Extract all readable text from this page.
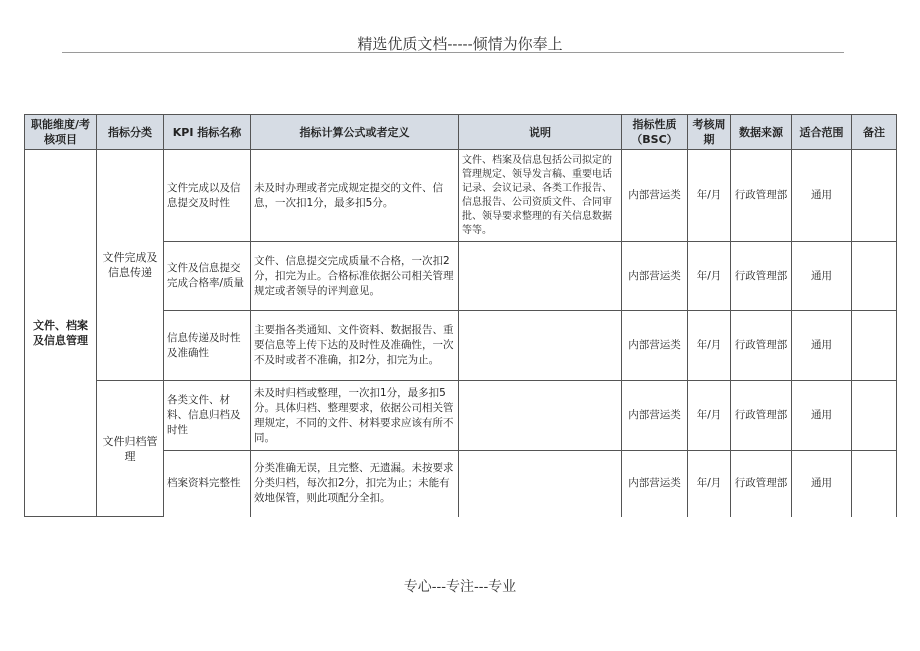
精选优质文档-----倾情为你奉上
职能维度/考核项目	指标分类	KPI 指标名称	指标计算公式或者定义	说明	指标性质（BSC）	考核周期	数据来源	适合范围	备注
文件、档案及信息管理	文件完成及信息传递	文件完成以及信息提交及时性	未及时办理或者完成规定提交的文件、信息，一次扣1分，最多扣5分。	文件、档案及信息包括公司拟定的管理规定、领导发言稿、重要电话记录、会议记录、各类工作报告、信息报告、公司资质文件、合同审批、领导要求整理的有关信息数据等等。	内部营运类	年/月	行政管理部	通用	
		文件及信息提交完成合格率/质量	文件、信息提交完成质量不合格，一次扣2分，扣完为止。合格标准依据公司相关管理规定或者领导的评判意见。		内部营运类	年/月	行政管理部	通用	
		信息传递及时性及准确性	主要指各类通知、文件资料、数据报告、重要信息等上传下达的及时性及准确性，一次不及时或者不准确，扣2分，扣完为止。		内部营运类	年/月	行政管理部	通用	
	文件归档管理	各类文件、材料、信息归档及时性	未及时归档或整理，一次扣1分，最多扣5分。具体归档、整理要求，依据公司相关管理规定，不同的文件、材料要求应该有所不同。		内部营运类	年/月	行政管理部	通用	
		档案资料完整性	分类准确无误，且完整、无遗漏。未按要求分类归档，每次扣2分，扣完为止；未能有效地保管，则此项配分全扣。		内部营运类	年/月	行政管理部	通用	
专心---专注---专业
